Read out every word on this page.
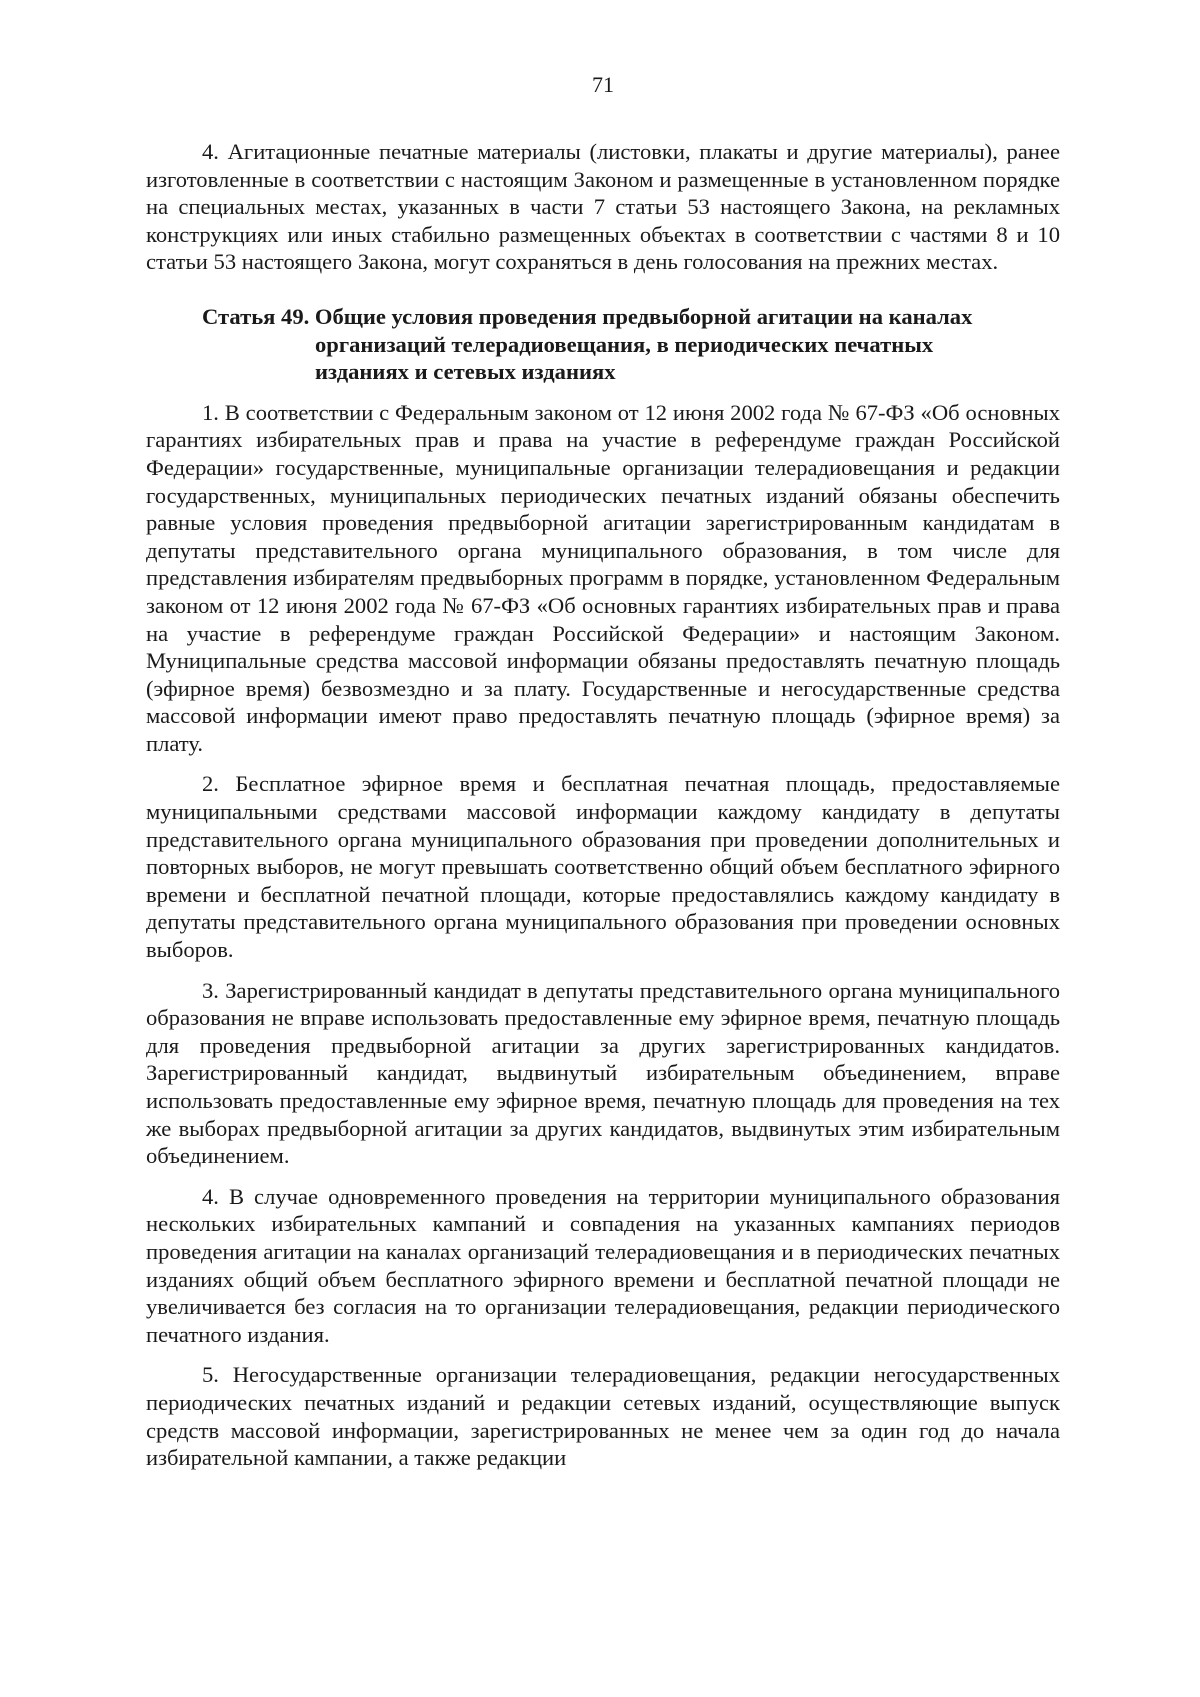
71

4. Агитационные печатные материалы (листовки, плакаты и другие материалы), ранее изготовленные в соответствии с настоящим Законом и размещенные в установленном порядке на специальных местах, указанных в части 7 статьи 53 настоящего Закона, на рекламных конструкциях или иных стабильно размещенных объектах в соответствии с частями 8 и 10 статьи 53 настоящего Закона, могут сохраняться в день голосования на прежних местах.

Статья 49. Общие условия проведения предвыборной агитации на каналах
организаций телерадиовещания, в периодических печатных
изданиях и сетевых изданиях

1. В соответствии с Федеральным законом от 12 июня 2002 года № 67-ФЗ «Об основных гарантиях избирательных прав и права на участие в референдуме граждан Российской Федерации» государственные, муниципальные организации телерадиовещания и редакции государственных, муниципальных периодических печатных изданий обязаны обеспечить равные условия проведения предвыборной агитации зарегистрированным кандидатам в депутаты представительного органа муниципального образования, в том числе для представления избирателям предвыборных программ в порядке, установленном Федеральным законом от 12 июня 2002 года № 67-ФЗ «Об основных гарантиях избирательных прав и права на участие в референдуме граждан Российской Федерации» и настоящим Законом. Муниципальные средства массовой информации обязаны предоставлять печатную площадь (эфирное время) безвозмездно и за плату. Государственные и негосударственные средства массовой информации имеют право предоставлять печатную площадь (эфирное время) за плату.

2. Бесплатное эфирное время и бесплатная печатная площадь, предоставляемые муниципальными средствами массовой информации каждому кандидату в депутаты представительного органа муниципального образования при проведении дополнительных и повторных выборов, не могут превышать соответственно общий объем бесплатного эфирного времени и бесплатной печатной площади, которые предоставлялись каждому кандидату в депутаты представительного органа муниципального образования при проведении основных выборов.

3. Зарегистрированный кандидат в депутаты представительного органа муниципального образования не вправе использовать предоставленные ему эфирное время, печатную площадь для проведения предвыборной агитации за других зарегистрированных кандидатов. Зарегистрированный кандидат, выдвинутый избирательным объединением, вправе использовать предоставленные ему эфирное время, печатную площадь для проведения на тех же выборах предвыборной агитации за других кандидатов, выдвинутых этим избирательным объединением.

4. В случае одновременного проведения на территории муниципального образования нескольких избирательных кампаний и совпадения на указанных кампаниях периодов проведения агитации на каналах организаций телерадиовещания и в периодических печатных изданиях общий объем бесплатного эфирного времени и бесплатной печатной площади не увеличивается без согласия на то организации телерадиовещания, редакции периодического печатного издания.

5. Негосударственные организации телерадиовещания, редакции негосударственных периодических печатных изданий и редакции сетевых изданий, осуществляющие выпуск средств массовой информации, зарегистрированных не менее чем за один год до начала избирательной кампании, а также редакции
